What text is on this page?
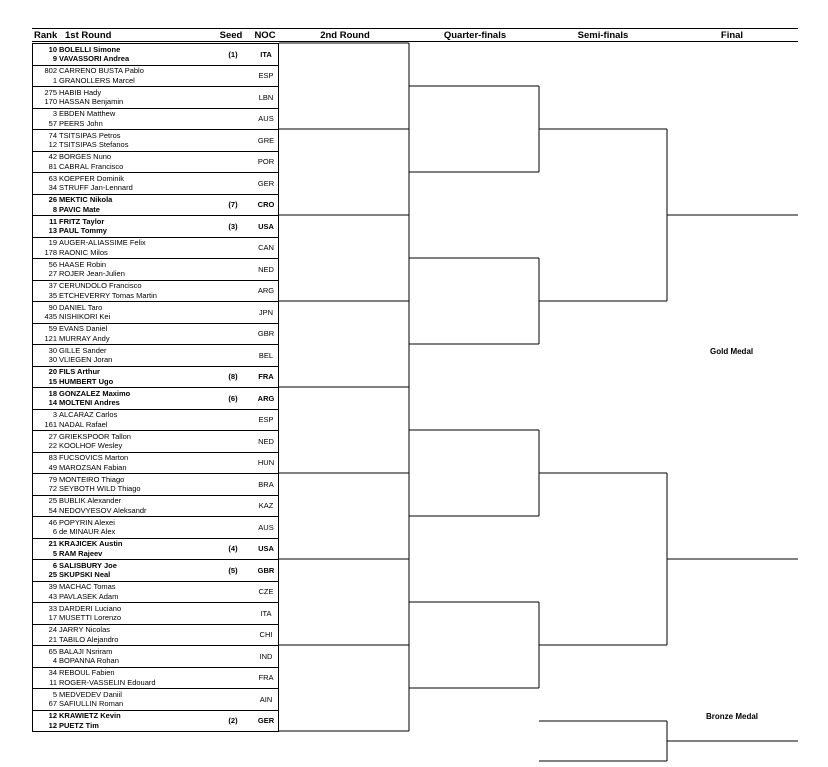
Rank 1st Round	Seed	NOC	2nd Round	Quarter-finals	Semi-finals	Final
10 BOLELLI Simone
9 VAVASSORI Andrea	(1)	ITA
802 CARRENO BUSTA Pablo
1 GRANOLLERS Marcel	ESP
275 HABIB Hady
170 HASSAN Benjamin	LBN
3 EBDEN Matthew
57 PEERS John	AUS
74 TSITSIPAS Petros
12 TSITSIPAS Stefanos	GRE
42 BORGES Nuno
81 CABRAL Francisco	POR
63 KOEPFER Dominik
34 STRUFF Jan-Lennard	GER
26 MEKTIC Nikola
8 PAVIC Mate	(7)	CRO
11 FRITZ Taylor
13 PAUL Tommy	(3)	USA
19 AUGER-ALIASSIME Felix
178 RAONIC Milos	CAN
56 HAASE Robin
27 ROJER Jean-Julien	NED
37 CERUNDOLO Francisco
35 ETCHEVERRY Tomas Martin	ARG
90 DANIEL Taro
435 NISHIKORI Kei	JPN
59 EVANS Daniel
121 MURRAY Andy	GBR
30 GILLE Sander
30 VLIEGEN Joran	BEL
20 FILS Arthur
15 HUMBERT Ugo	(8)	FRA
18 GONZALEZ Maximo
14 MOLTENI Andres	(6)	ARG
3 ALCARAZ Carlos
161 NADAL Rafael	ESP
27 GRIEKSPOOR Tallon
22 KOOLHOF Wesley	NED
83 FUCSOVICS Marton
49 MAROZSAN Fabian	HUN
79 MONTEIRO Thiago
72 SEYBOTH WILD Thiago	BRA
25 BUBLIK Alexander
54 NEDOVYESOV Aleksandr	KAZ
46 POPYRIN Alexei
6 de MINAUR Alex	AUS
21 KRAJICEK Austin
5 RAM Rajeev	(4)	USA
6 SALISBURY Joe
25 SKUPSKI Neal	(5)	GBR
39 MACHAC Tomas
43 PAVLASEK Adam	CZE
33 DARDERI Luciano
17 MUSETTI Lorenzo	ITA
24 JARRY Nicolas
21 TABILO Alejandro	CHI
65 BALAJI Nsriram
4 BOPANNA Rohan	IND
34 REBOUL Fabien
11 ROGER-VASSELIN Edouard	FRA
5 MEDVEDEV Daniil
67 SAFIULLIN Roman	AIN
12 KRAWIETZ Kevin
12 PUETZ Tim	(2)	GER
Gold Medal
Bronze Medal
